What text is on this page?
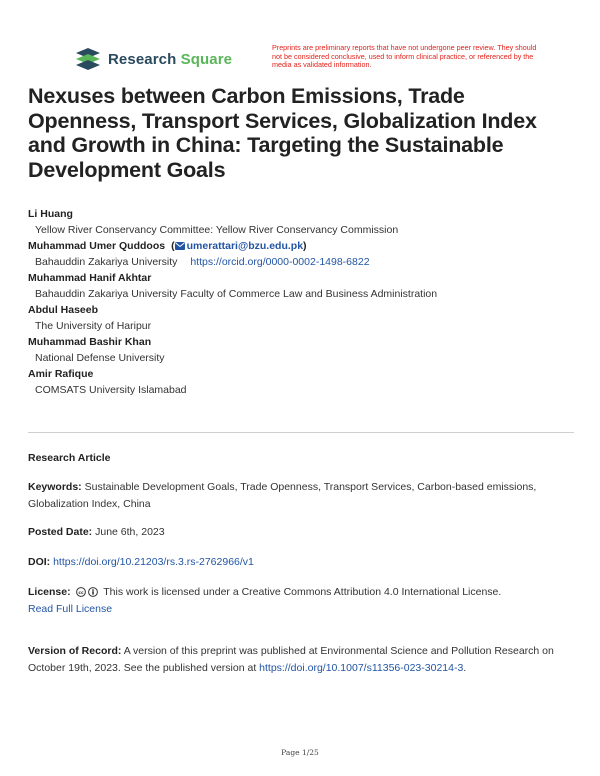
Research Square
Preprints are preliminary reports that have not undergone peer review. They should not be considered conclusive, used to inform clinical practice, or referenced by the media as validated information.
Nexuses between Carbon Emissions, Trade Openness, Transport Services, Globalization Index and Growth in China: Targeting the Sustainable Development Goals
Li Huang
Yellow River Conservancy Committee: Yellow River Conservancy Commission
Muhammad Umer Quddoos ( umerattari@bzu.edu.pk)
Bahauddin Zakariya University https://orcid.org/0000-0002-1498-6822
Muhammad Hanif Akhtar
Bahauddin Zakariya University Faculty of Commerce Law and Business Administration
Abdul Haseeb
The University of Haripur
Muhammad Bashir Khan
National Defense University
Amir Rafique
COMSATS University Islamabad
Research Article
Keywords: Sustainable Development Goals, Trade Openness, Transport Services, Carbon-based emissions, Globalization Index, China
Posted Date: June 6th, 2023
DOI: https://doi.org/10.21203/rs.3.rs-2762966/v1
License: cc This work is licensed under a Creative Commons Attribution 4.0 International License.
Read Full License
Version of Record: A version of this preprint was published at Environmental Science and Pollution Research on October 19th, 2023. See the published version at https://doi.org/10.1007/s11356-023-30214-3.
Page 1/25
